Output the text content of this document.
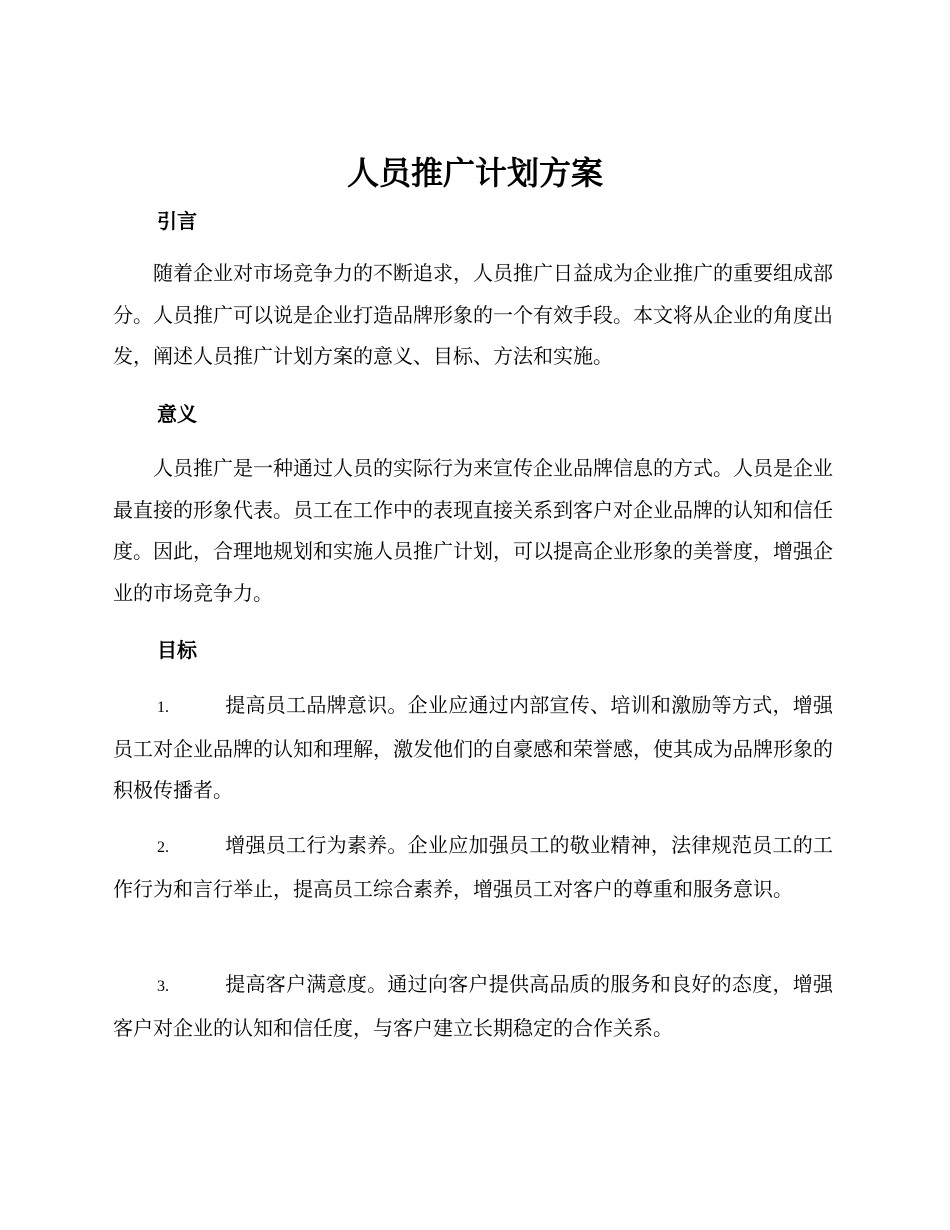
人员推广计划方案
引言

随着企业对市场竞争力的不断追求，人员推广日益成为企业推广的重要组成部分。人员推广可以说是企业打造品牌形象的一个有效手段。本文将从企业的角度出发，阐述人员推广计划方案的意义、目标、方法和实施。

意义

人员推广是一种通过人员的实际行为来宣传企业品牌信息的方式。人员是企业最直接的形象代表。员工在工作中的表现直接关系到客户对企业品牌的认知和信任度。因此，合理地规划和实施人员推广计划，可以提高企业形象的美誉度，增强企业的市场竞争力。

目标

1.	提高员工品牌意识。企业应通过内部宣传、培训和激励等方式，增强员工对企业品牌的认知和理解，激发他们的自豪感和荣誉感，使其成为品牌形象的积极传播者。

2.	增强员工行为素养。企业应加强员工的敬业精神，法律规范员工的工作行为和言行举止，提高员工综合素养，增强员工对客户的尊重和服务意识。

3.	提高客户满意度。通过向客户提供高品质的服务和良好的态度，增强客户对企业的认知和信任度，与客户建立长期稳定的合作关系。
